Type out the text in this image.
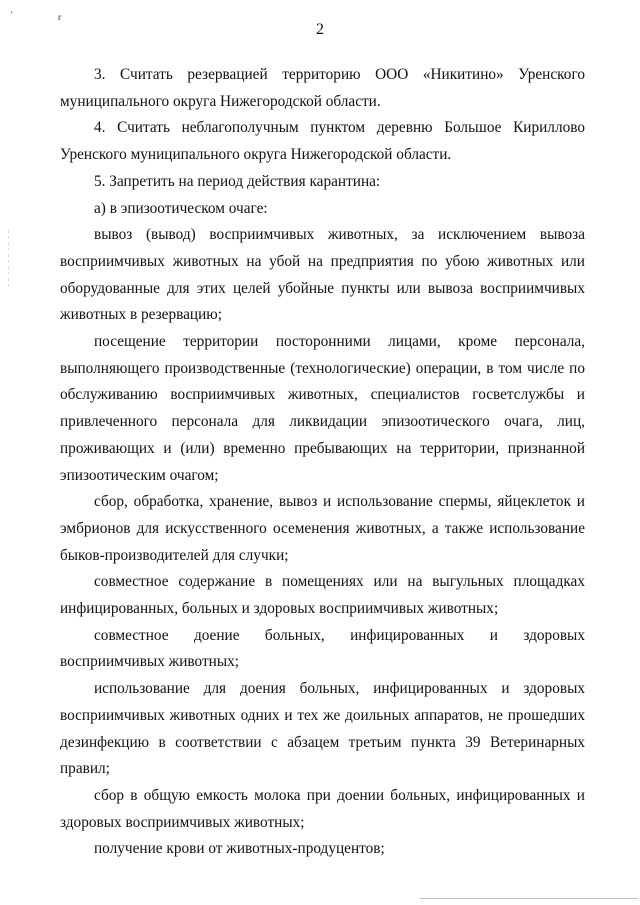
'	r
2

3. Считать резервацией территорию ООО «Никитино» Уренского муниципального округа Нижегородской области.

4. Считать неблагополучным пунктом деревню Большое Кириллово Уренского муниципального округа Нижегородской области.

5. Запретить на период действия карантина:

а) в эпизоотическом очаге:

вывоз (вывод) восприимчивых животных, за исключением вывоза восприимчивых животных на убой на предприятия по убою животных или оборудованные для этих целей убойные пункты или вывоза восприимчивых животных в резервацию;

посещение территории посторонними лицами, кроме персонала, выполняющего производственные (технологические) операции, в том числе по обслуживанию восприимчивых животных, специалистов госветслужбы и привлеченного персонала для ликвидации эпизоотического очага, лиц, проживающих и (или) временно пребывающих на территории, признанной эпизоотическим очагом;

сбор, обработка, хранение, вывоз и использование спермы, яйцеклеток и эмбрионов для искусственного осеменения животных, а также использование быков-производителей для случки;

совместное содержание в помещениях или на выгульных площадках инфицированных, больных и здоровых восприимчивых животных;

совместное доение больных, инфицированных и здоровых восприимчивых животных;

использование для доения больных, инфицированных и здоровых восприимчивых животных одних и тех же доильных аппаратов, не прошедших дезинфекцию в соответствии с абзацем третьим пункта 39 Ветеринарных правил;

сбор в общую емкость молока при доении больных, инфицированных и здоровых восприимчивых животных;

получение крови от животных-продуцентов;
